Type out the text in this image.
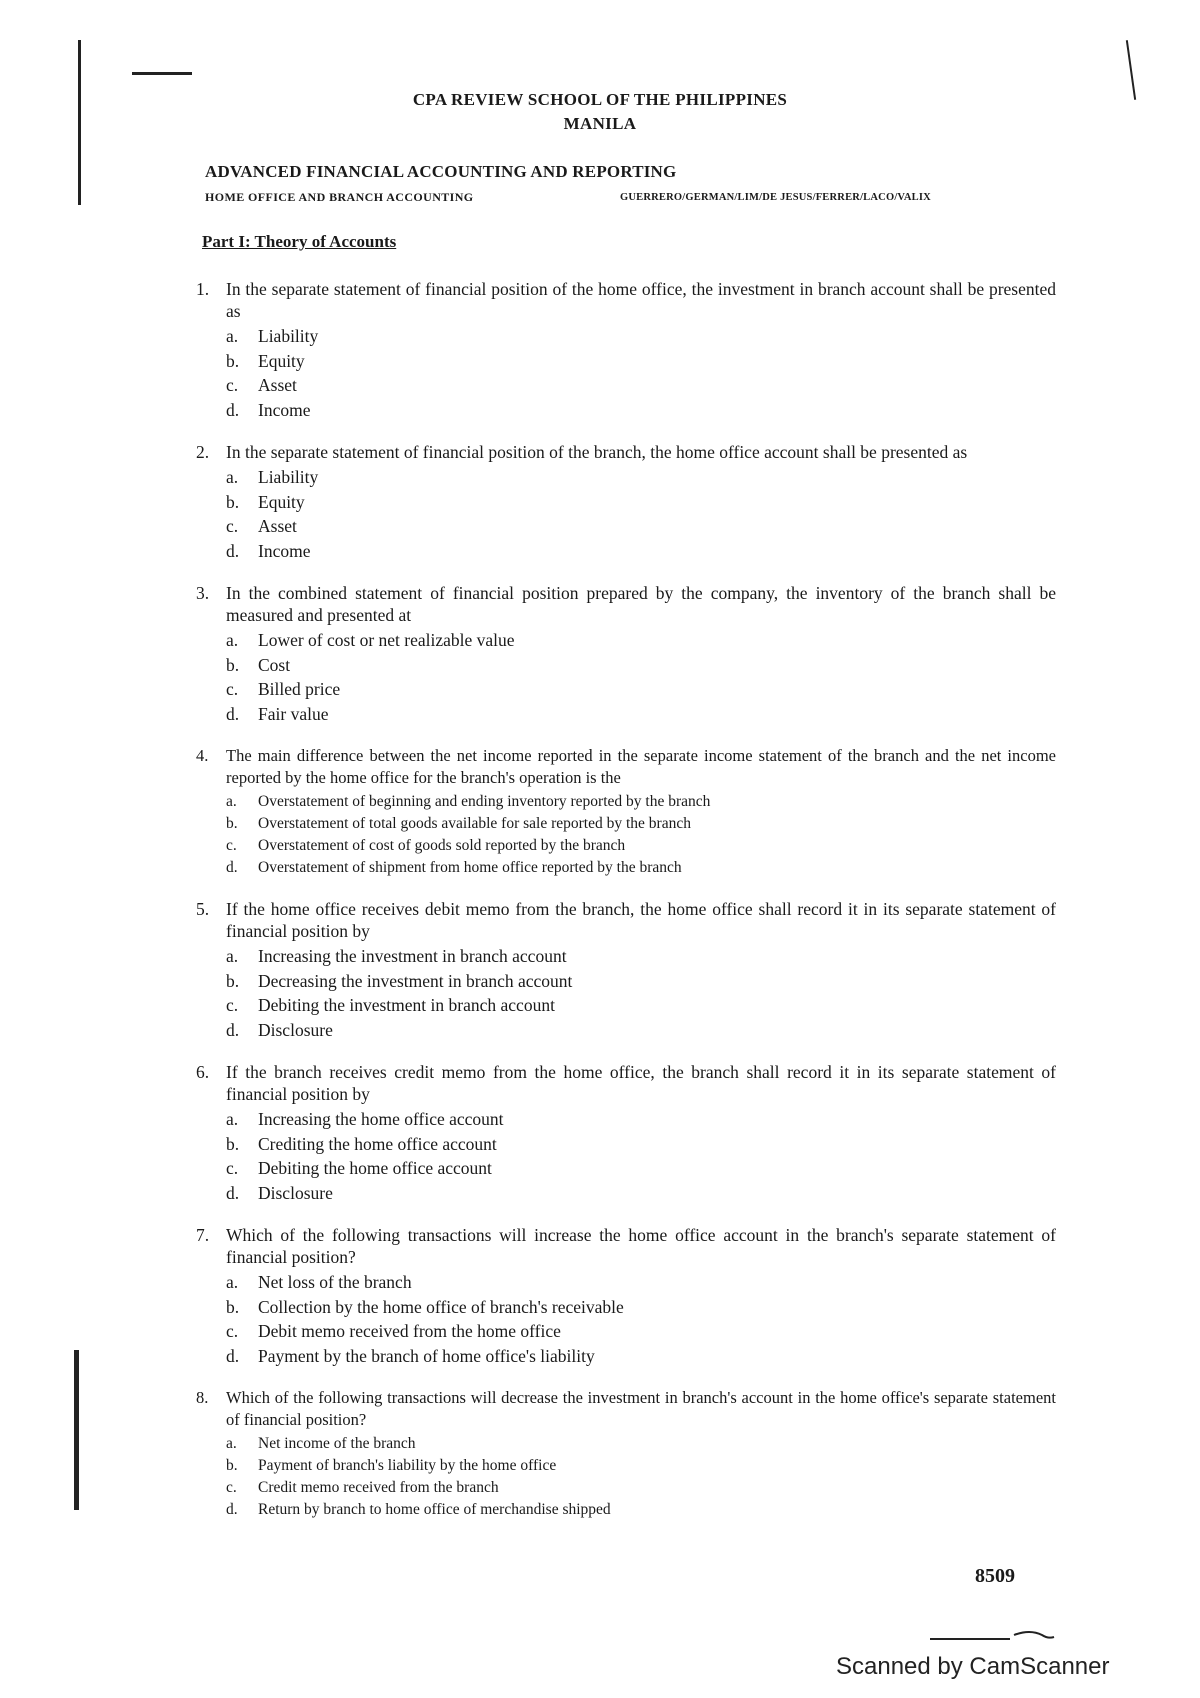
CPA REVIEW SCHOOL OF THE PHILIPPINES
MANILA
ADVANCED FINANCIAL ACCOUNTING AND REPORTING
HOME OFFICE AND BRANCH ACCOUNTING	GUERRERO/GERMAN/LIM/DE JESUS/FERRER/LACO/VALIX
Part I: Theory of Accounts
1. In the separate statement of financial position of the home office, the investment in branch account shall be presented as
a.	Liability
b.	Equity
c.	Asset
d.	Income
2. In the separate statement of financial position of the branch, the home office account shall be presented as
a.	Liability
b.	Equity
c.	Asset
d.	Income
3. In the combined statement of financial position prepared by the company, the inventory of the branch shall be measured and presented at
a.	Lower of cost or net realizable value
b.	Cost
c.	Billed price
d.	Fair value
4.	The main difference between the net income reported in the separate income statement of the branch and the net income reported by the home office for the branch's operation is the
a.	Overstatement of beginning and ending inventory reported by the branch
b.	Overstatement of total goods available for sale reported by the branch
c.	Overstatement of cost of goods sold reported by the branch
d.	Overstatement of shipment from home office reported by the branch
5. If the home office receives debit memo from the branch, the home office shall record it in its separate statement of financial position by
a.	Increasing the investment in branch account
b.	Decreasing the investment in branch account
c.	Debiting the investment in branch account
d.	Disclosure
6. If the branch receives credit memo from the home office, the branch shall record it in its separate statement of financial position by
a.	Increasing the home office account
b.	Crediting the home office account
c.	Debiting the home office account
d.	Disclosure
7. Which of the following transactions will increase the home office account in the branch's separate statement of financial position?
a.	Net loss of the branch
b.	Collection by the home office of branch's receivable
c.	Debit memo received from the home office
d.	Payment by the branch of home office's liability
8.	Which of the following transactions will decrease the investment in branch's account in the home office's separate statement of financial position?
a.	Net income of the branch
b.	Payment of branch's liability by the home office
c.	Credit memo received from the branch
d.	Return by branch to home office of merchandise shipped
8509
Scanned by CamScanner
